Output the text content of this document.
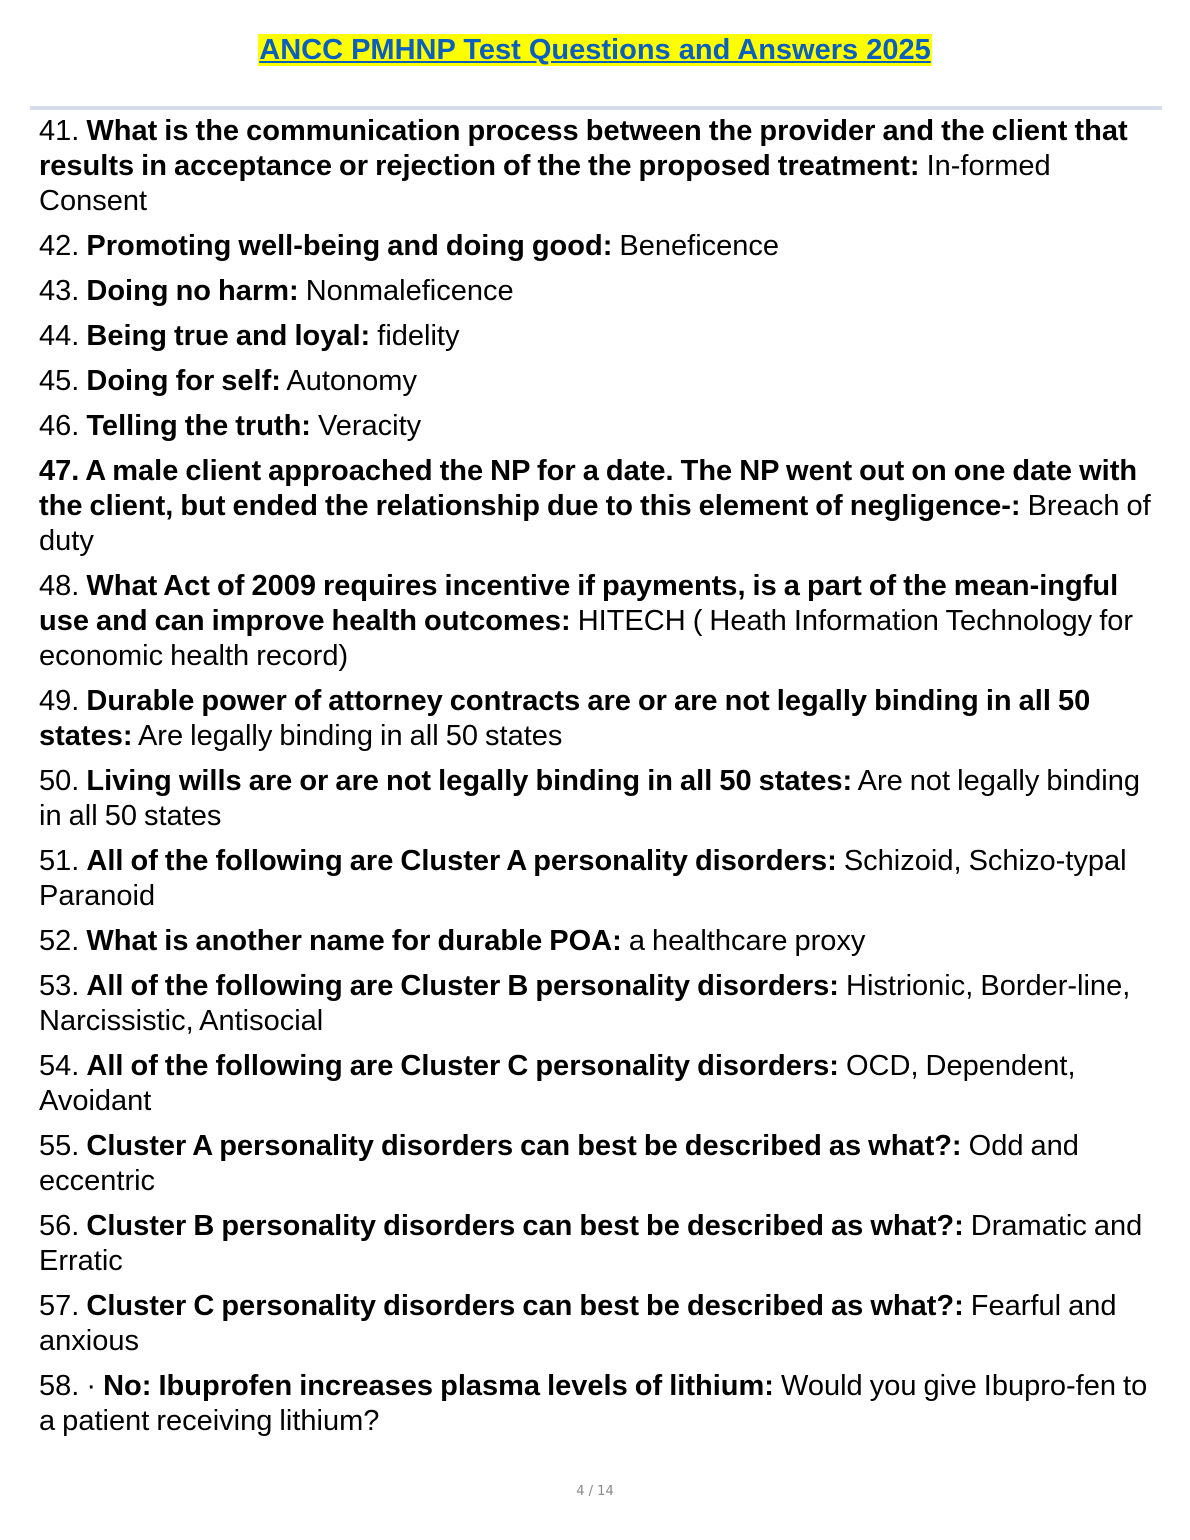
ANCC PMHNP Test Questions and Answers 2025
41. What is the communication process between the provider and the client that results in acceptance or rejection of the the proposed treatment: In-formed Consent
42. Promoting well-being and doing good: Beneficence
43. Doing no harm: Nonmaleficence
44. Being true and loyal: fidelity
45. Doing for self: Autonomy
46. Telling the truth: Veracity
47. A male client approached the NP for a date. The NP went out on one date with the client, but ended the relationship due to this element of negligence-: Breach of duty
48. What Act of 2009 requires incentive if payments, is a part of the mean-ingful use and can improve health outcomes: HITECH ( Heath Information Technology for economic health record)
49. Durable power of attorney contracts are or are not legally binding in all 50 states: Are legally binding in all 50 states
50. Living wills are or are not legally binding in all 50 states: Are not legally binding in all 50 states
51. All of the following are Cluster A personality disorders: Schizoid, Schizo-typal Paranoid
52. What is another name for durable POA: a healthcare proxy
53. All of the following are Cluster B personality disorders: Histrionic, Border-line, Narcissistic, Antisocial
54. All of the following are Cluster C personality disorders: OCD, Dependent, Avoidant
55. Cluster A personality disorders can best be described as what?: Odd and eccentric
56. Cluster B personality disorders can best be described as what?: Dramatic and Erratic
57. Cluster C personality disorders can best be described as what?: Fearful and anxious
58. · No: Ibuprofen increases plasma levels of lithium: Would you give Ibupro-fen to a patient receiving lithium?
4 / 14
